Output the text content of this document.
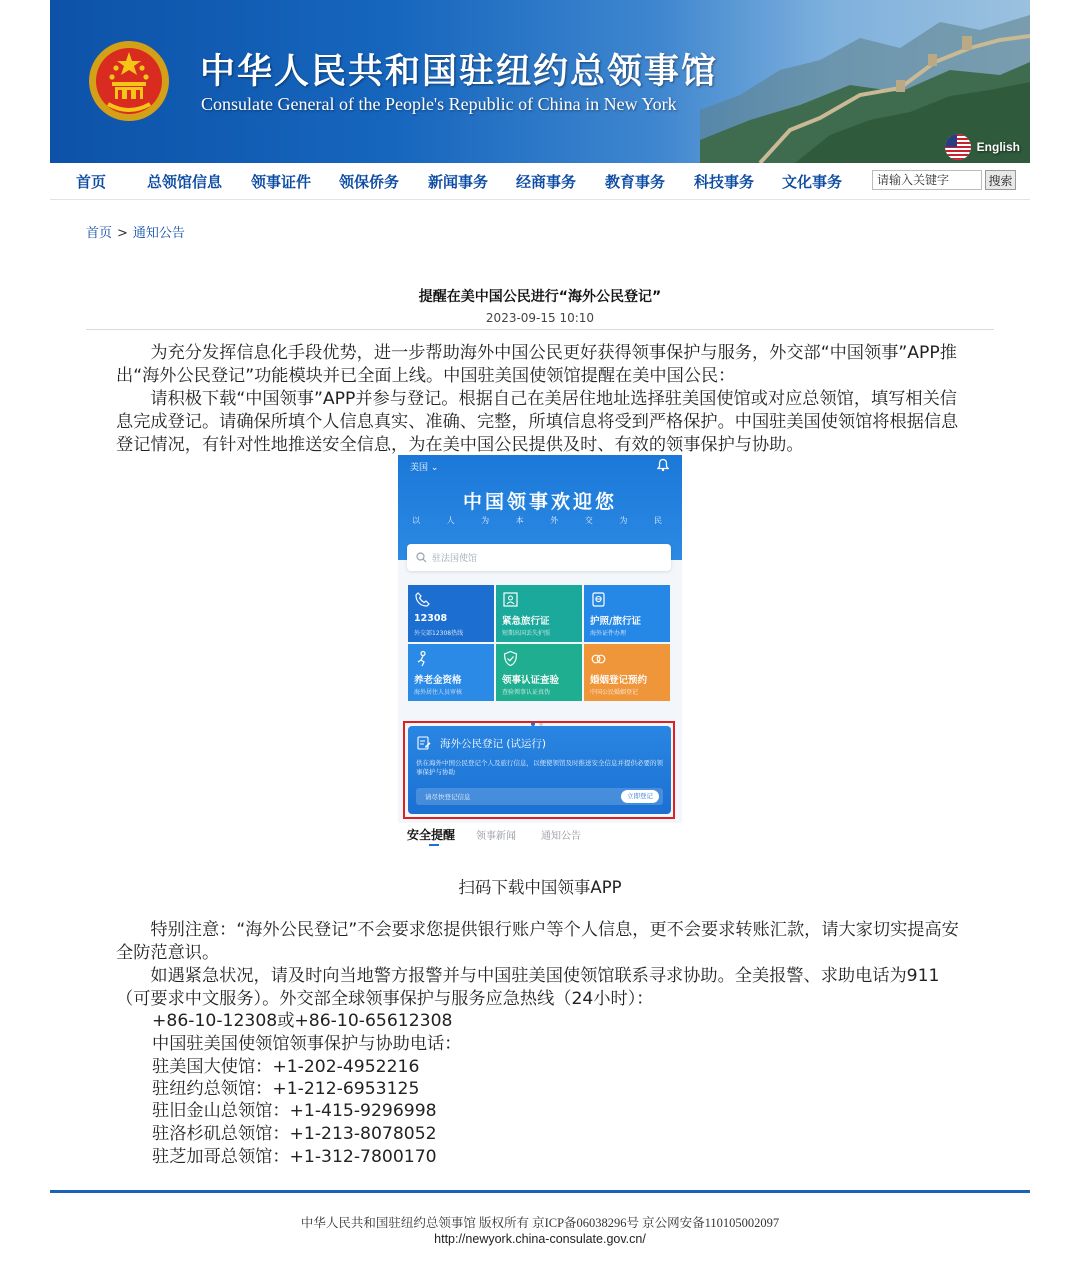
中华人民共和国驻纽约总领事馆
Consulate General of the People's Republic of China in New York
English
首页	总领馆信息 领事证件 领保侨务 新闻事务 经商事务 教育事务 科技事务 文化事务
请输入关键字	搜索
首页 > 通知公告
提醒在美中国公民进行“海外公民登记”
2023-09-15 10:10

为充分发挥信息化手段优势，进一步帮助海外中国公民更好获得领事保护与服务，外交部“中国领事”APP推出“海外公民登记”功能模块并已全面上线。中国驻美国使领馆提醒在美中国公民：

请积极下载“中国领事”APP并参与登记。根据自己在美居住地址选择驻美国使馆或对应总领馆，填写相关信息完成登记。请确保所填个人信息真实、准确、完整，所填信息将受到严格保护。中国驻美国使领馆将根据信息登记情况，有针对性地推送安全信息，为在美中国公民提供及时、有效的领事保护与协助。

美国 ⌄
中国领事欢迎您
以 人 为 本 外 交 为 民
驻法国使馆
12308
外交部12308热线
紧急旅行证
短期出国丢失护照
护照/旅行证
海外证件办理
养老金资格
海外居住人员审核
领事认证查验
查验领事认证真伪
婚姻登记预约
中国公民婚姻登记
海外公民登记 (试运行)
供在海外中国公民登记个人及旅行信息，以便使领馆及时推送安全信息并提供必要的领事保护与协助
请尽快登记信息	立即登记
安全提醒 领事新闻	通知公告
扫码下载中国领事APP

特别注意：“海外公民登记”不会要求您提供银行账户等个人信息，更不会要求转账汇款，请大家切实提高安全防范意识。

如遇紧急状况，请及时向当地警方报警并与中国驻美国使领馆联系寻求协助。全美报警、求助电话为911（可要求中文服务）。外交部全球领事保护与服务应急热线（24小时）：

+86-10-12308或+86-10-65612308

中国驻美国使领馆领事保护与协助电话：

驻美国大使馆：+1-202-4952216

驻纽约总领馆：+1-212-6953125

驻旧金山总领馆：+1-415-9296998

驻洛杉矶总领馆：+1-213-8078052

驻芝加哥总领馆：+1-312-7800170

中华人民共和国驻纽约总领事馆 版权所有 京ICP备06038296号 京公网安备110105002097
http://newyork.china-consulate.gov.cn/
